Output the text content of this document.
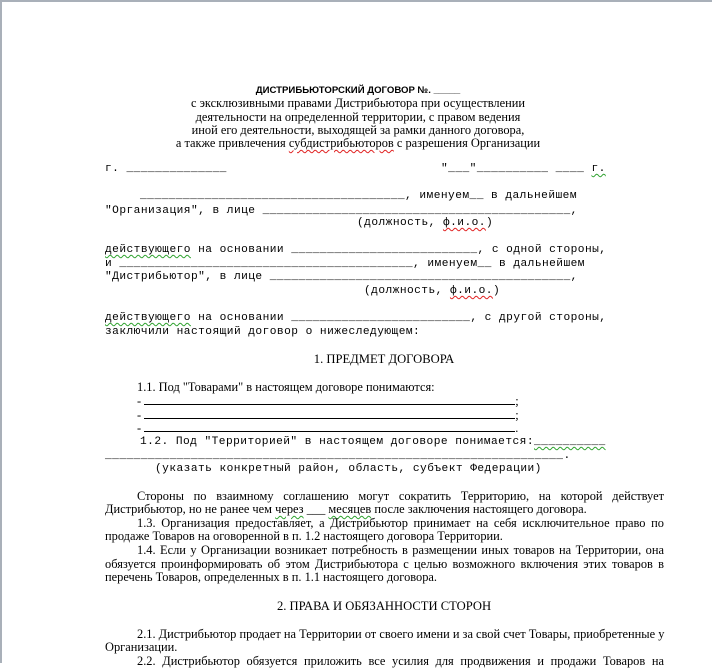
ДИСТРИБЬЮТОРСКИЙ ДОГОВОР №. _____
с эксклюзивными правами Дистрибьютора при осуществлении
деятельности на определенной территории, с правом ведения
иной его деятельности, выходящей за рамки данного договора,
а также привлечения субдистрибьюторов с разрешения Организации
г. ______________	"___"__________ ____ г.
_____________________________________, именуем__ в дальнейшем
"Организация", в лице ___________________________________________,
(должность, ф.и.о.)
действующего на основании __________________________, с одной стороны,
и _________________________________________, именуем__ в дальнейшем
"Дистрибьютор", в лице __________________________________________,
(должность, ф.и.о.)
действующего на основании _________________________, с другой стороны,
заключили настоящий договор о нижеследующем:
1. ПРЕДМЕТ ДОГОВОРА
1.1. Под "Товарами" в настоящем договоре понимаются:
-	;
-	;
-	.
1.2. Под "Территорией" в настоящем договоре понимается:__________
________________________________________________________________.
(указать конкретный район, область, субъект Федерации)
Стороны по взаимному соглашению могут сократить Территорию, на которой действует
Дистрибьютор, но не ранее чем через ___ месяцев после заключения настоящего договора.
1.3. Организация предоставляет, а Дистрибьютор принимает на себя исключительное право по
продаже Товаров на оговоренной в п. 1.2 настоящего договора Территории.
1.4. Если у Организации возникает потребность в размещении иных товаров на Территории, она
обязуется проинформировать об этом Дистрибьютора с целью возможного включения этих товаров в
перечень Товаров, определенных в п. 1.1 настоящего договора.
2. ПРАВА И ОБЯЗАННОСТИ СТОРОН
2.1. Дистрибьютор продает на Территории от своего имени и за свой счет Товары, приобретенные у
Организации.
2.2. Дистрибьютор обязуется приложить все усилия для продвижения и продажи Товаров на
